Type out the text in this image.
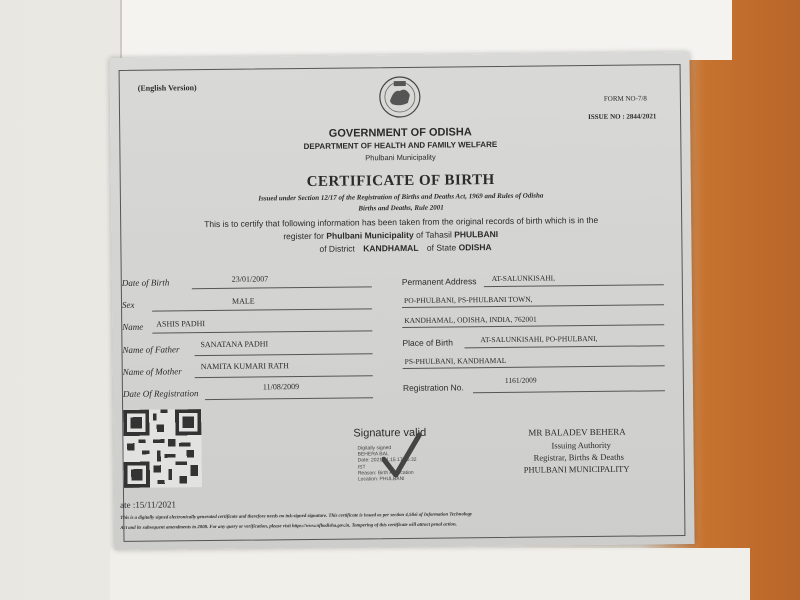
(English Version)
FORM NO-7/8
ISSUE NO : 2844/2021
GOVERNMENT OF ODISHA
DEPARTMENT OF HEALTH AND FAMILY WELFARE
Phulbani Municipality
CERTIFICATE OF BIRTH
Issued under Section 12/17 of the Registration of Births and Deaths Act, 1969 and Rules of Odisha
Births and Deaths, Rule 2001
This is to certify that following information has been taken from the original records of birth which is in the
register for Phulbani Municipality of Tahasil PHULBANI
of District KANDHAMAL of State ODISHA
Date of Birth	23/01/2007
Sex	MALE
Name ASHIS PADHI
Name of Father
SANATANA PADHI
Name of Mother
NAMITA KUMARI RATH
Date Of Registration
11/08/2009
Permanent Address AT-SALUNKISAHI,
PO-PHULBANI, PS-PHULBANI TOWN,
KANDHAMAL, ODISHA, INDIA, 762001
Place of Birth	AT-SALUNKISAHI, PO-PHULBANI,
PS-PHULBANI, KANDHAMAL
Registration No.
1161/2009
Signature valid
Digitally signed
BEHERA BAL
Date: 2021.11.15 17:56:32
IST
Reason: Birth Application
Location: PHULBANI
MR BALADEV BEHERA
Issuing Authority
Registrar, Births & Deaths
PHULBANI MUNICIPALITY
ate :15/11/2021
This is a digitally signed electronically generated certificate and therefore needs no ink-signed signature. This certificate is issued as per section 4,5&6 of Information Technology
Act and its subsequent amendments in 2008. For any query or verification, please visit https://www.nfbodisha.gov.in. Tampering of this certificate will attract penal action.
